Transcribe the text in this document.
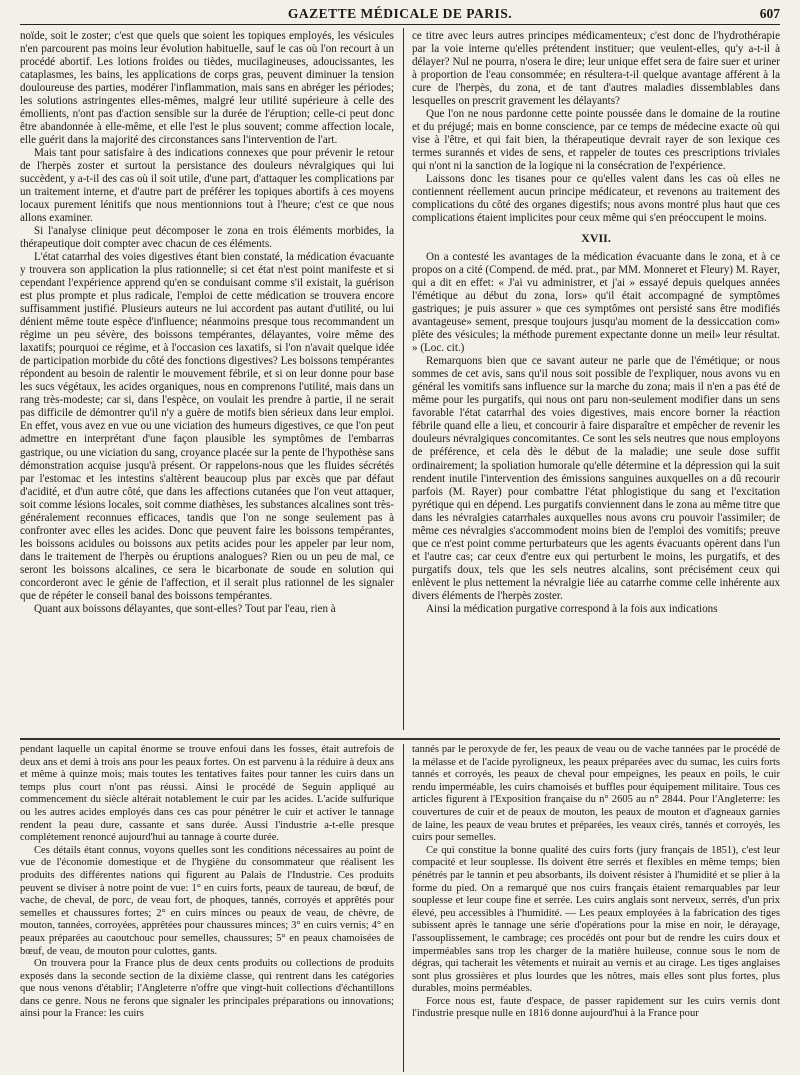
GAZETTE MÉDICALE DE PARIS.	607

noïde, soit le zoster; c'est que quels que soient les topiques employés, les vésicules n'en parcourent pas moins leur évolution habituelle, sauf le cas où l'on recourt à un procédé abortif. Les lotions froides ou tièdes, mucilagineuses, adoucissantes, les cataplasmes, les bains, les applications de corps gras, peuvent diminuer la tension douloureuse des parties, modérer l'inflammation, mais sans en abréger les périodes; les solutions astringentes elles-mêmes, malgré leur utilité supérieure à celle des émollients, n'ont pas d'action sensible sur la durée de l'éruption; celle-ci peut donc être abandonnée à elle-même, et elle l'est le plus souvent; comme affection locale, elle guérit dans la majorité des circonstances sans l'intervention de l'art.

Mais tant pour satisfaire à des indications connexes que pour prévenir le retour de l'herpès zoster et surtout la persistance des douleurs névralgiques qui lui succèdent, y a-t-il des cas où il soit utile, d'une part, d'attaquer les complications par un traitement interne, et d'autre part de préférer les topiques abortifs à ces moyens locaux purement lénitifs que nous mentionnions tout à l'heure; c'est ce que nous allons examiner.

Si l'analyse clinique peut décomposer le zona en trois éléments morbides, la thérapeutique doit compter avec chacun de ces éléments.

L'état catarrhal des voies digestives étant bien constaté, la médication évacuante y trouvera son application la plus rationnelle; si cet état n'est point manifeste et si cependant l'expérience apprend qu'en se conduisant comme s'il existait, la guérison est plus prompte et plus radicale, l'emploi de cette médication se trouvera encore suffisamment justifié. Plusieurs auteurs ne lui accordent pas autant d'utilité, ou lui dénient même toute espèce d'influence; néanmoins presque tous recommandent un régime un peu sévère, des boissons tempérantes, délayantes, voire même des laxatifs; pourquoi ce régime, et à l'occasion ces laxatifs, si l'on n'avait quelque idée de participation morbide du côté des fonctions digestives? Les boissons tempérantes répondent au besoin de ralentir le mouvement fébrile, et si on leur donne pour base les sucs végétaux, les acides organiques, nous en comprenons l'utilité, mais dans un rang très-modeste; car si, dans l'espèce, on voulait les prendre à partie, il ne serait pas difficile de démontrer qu'il n'y a guère de motifs bien sérieux dans leur emploi. En effet, vous avez en vue ou une viciation des humeurs digestives, ce que l'on peut admettre en interprétant d'une façon plausible les symptômes de l'embarras gastrique, ou une viciation du sang, croyance placée sur la pente de l'hypothèse sans démonstration acquise jusqu'à présent. Or rappelons-nous que les fluides sécrétés par l'estomac et les intestins s'altèrent beaucoup plus par excès que par défaut d'acidité, et d'un autre côté, que dans les affections cutanées que l'on veut attaquer, soit comme lésions locales, soit comme diathèses, les substances alcalines sont très-généralement reconnues efficaces, tandis que l'on ne songe seulement pas à confronter avec elles les acides. Donc que peuvent faire les boissons tempérantes, les boissons acidules ou boissons aux petits acides pour les appeler par leur nom, dans le traitement de l'herpès ou éruptions analogues? Rien ou un peu de mal, ce seront les boissons alcalines, ce sera le bicarbonate de soude en solution qui concorderont avec le génie de l'affection, et il serait plus rationnel de les signaler que de répéter le conseil banal des boissons tempérantes.

Quant aux boissons délayantes, que sont-elles? Tout par l'eau, rien à

ce titre avec leurs autres principes médicamenteux; c'est donc de l'hydrothérapie par la voie interne qu'elles prétendent instituer; que veulent-elles, qu'y a-t-il à délayer? Nul ne pourra, n'osera le dire; leur unique effet sera de faire suer et uriner à proportion de l'eau consommée; en résultera-t-il quelque avantage afférent à la cure de l'herpès, du zona, et de tant d'autres maladies dissemblables dans lesquelles on prescrit gravement les délayants?

Que l'on ne nous pardonne cette pointe poussée dans le domaine de la routine et du préjugé; mais en bonne conscience, par ce temps de médecine exacte où qui vise à l'être, et qui fait bien, la thérapeutique devrait rayer de son lexique ces termes surannés et vides de sens, et rappeler de toutes ces prescriptions triviales qui n'ont ni la sanction de la logique ni la consécration de l'expérience.

Laissons donc les tisanes pour ce qu'elles valent dans les cas où elles ne contiennent réellement aucun principe médicateur, et revenons au traitement des complications du côté des organes digestifs; nous avons montré plus haut que ces complications étaient implicites pour ceux même qui s'en préoccupent le moins.

XVII.

On a contesté les avantages de la médication évacuante dans le zona, et à ce propos on a cité (Compend. de méd. prat., par MM. Monneret et Fleury) M. Rayer, qui a dit en effet: « J'ai vu administrer, et j'ai » essayé depuis quelques années l'émétique au début du zona, lors» qu'il était accompagné de symptômes gastriques; je puis assurer » que ces symptômes ont persisté sans être modifiés avantageuse» sement, presque toujours jusqu'au moment de la dessiccation com» plète des vésicules; la méthode purement expectante donne un meil» leur résultat. » (Loc. cit.)

Remarquons bien que ce savant auteur ne parle que de l'émétique; or nous sommes de cet avis, sans qu'il nous soit possible de l'expliquer, nous avons vu en général les vomitifs sans influence sur la marche du zona; mais il n'en a pas été de même pour les purgatifs, qui nous ont paru non-seulement modifier dans un sens favorable l'état catarrhal des voies digestives, mais encore borner la réaction fébrile quand elle a lieu, et concourir à faire disparaître et empêcher de revenir les douleurs névralgiques concomitantes. Ce sont les sels neutres que nous employons de préférence, et cela dès le début de la maladie; une seule dose suffit ordinairement; la spoliation humorale qu'elle détermine et la dépression qui la suit rendent inutile l'intervention des émissions sanguines auxquelles on a dû recourir parfois (M. Rayer) pour combattre l'état phlogistique du sang et l'excitation pyrétique qui en dépend. Les purgatifs conviennent dans le zona au même titre que dans les névralgies catarrhales auxquelles nous avons cru pouvoir l'assimiler; de même ces névralgies s'accommodent moins bien de l'emploi des vomitifs; preuve que ce n'est point comme perturbateurs que les agents évacuants opèrent dans l'un et l'autre cas; car ceux d'entre eux qui perturbent le moins, les purgatifs, et des purgatifs doux, tels que les sels neutres alcalins, sont précisément ceux qui enlèvent le plus nettement la névralgie liée au catarrhe comme celle inhérente aux divers éléments de l'herpès zoster.

Ainsi la médication purgative correspond à la fois aux indications

pendant laquelle un capital énorme se trouve enfoui dans les fosses, était autrefois de deux ans et demi à trois ans pour les peaux fortes. On est parvenu à la réduire à deux ans et même à quinze mois; mais toutes les tentatives faites pour tanner les cuirs dans un temps plus court n'ont pas réussi. Ainsi le procédé de Seguin appliqué au commencement du siècle altérait notablement le cuir par les acides. L'acide sulfurique ou les autres acides employés dans ces cas pour pénétrer le cuir et activer le tannage rendent la peau dure, cassante et sans durée. Aussi l'industrie a-t-elle presque complétement renoncé aujourd'hui au tannage à courte durée.

Ces détails étant connus, voyons quelles sont les conditions nécessaires au point de vue de l'économie domestique et de l'hygiène du consommateur que réalisent les produits des différentes nations qui figurent au Palais de l'Industrie. Ces produits peuvent se diviser à notre point de vue: 1° en cuirs forts, peaux de taureau, de bœuf, de vache, de cheval, de porc, de veau fort, de phoques, tannés, corroyés et apprêtés pour semelles et chaussures fortes; 2° en cuirs minces ou peaux de veau, de chèvre, de mouton, tannées, corroyées, apprêtées pour chaussures minces; 3° en cuirs vernis; 4° en peaux préparées au caoutchouc pour semelles, chaussures; 5° en peaux chamoisées de bœuf, de veau, de mouton pour culottes, gants.

On trouvera pour la France plus de deux cents produits ou collections de produits exposés dans la seconde section de la dixième classe, qui rentrent dans les catégories que nous venons d'établir; l'Angleterre n'offre que vingt-huit collections d'échantillons dans ce genre. Nous ne ferons que signaler les principales préparations ou innovations; ainsi pour la France: les cuirs

tannés par le peroxyde de fer, les peaux de veau ou de vache tannées par le procédé de la mélasse et de l'acide pyroligneux, les peaux préparées avec du sumac, les cuirs forts tannés et corroyés, les peaux de cheval pour empeignes, les peaux en poils, le cuir rendu imperméable, les cuirs chamoisés et buffles pour équipement militaire. Tous ces articles figurent à l'Exposition française du n° 2605 au n° 2844. Pour l'Angleterre: les couvertures de cuir et de peaux de mouton, les peaux de mouton et d'agneaux garnies de laine, les peaux de veau brutes et préparées, les veaux cirés, tannés et corroyés, les cuirs pour semelles.

Ce qui constitue la bonne qualité des cuirs forts (jury français de 1851), c'est leur compacité et leur souplesse. Ils doivent être serrés et flexibles en même temps; bien pénétrés par le tannin et peu absorbants, ils doivent résister à l'humidité et se plier à la forme du pied. On a remarqué que nos cuirs français étaient remarquables par leur souplesse et leur coupe fine et serrée. Les cuirs anglais sont nerveux, serrés, d'un prix élevé, peu accessibles à l'humidité. — Les peaux employées à la fabrication des tiges subissent après le tannage une série d'opérations pour la mise en noir, le dérayage, l'assouplissement, le cambrage; ces procédés ont pour but de rendre les cuirs doux et imperméables sans trop les charger de la matière huileuse, connue sous le nom de dégras, qui tacherait les vêtements et nuirait au vernis et au cirage. Les tiges anglaises sont plus grossières et plus lourdes que les nôtres, mais elles sont plus fortes, plus durables, moins perméables.

Force nous est, faute d'espace, de passer rapidement sur les cuirs vernis dont l'industrie presque nulle en 1816 donne aujourd'hui à la France pour
